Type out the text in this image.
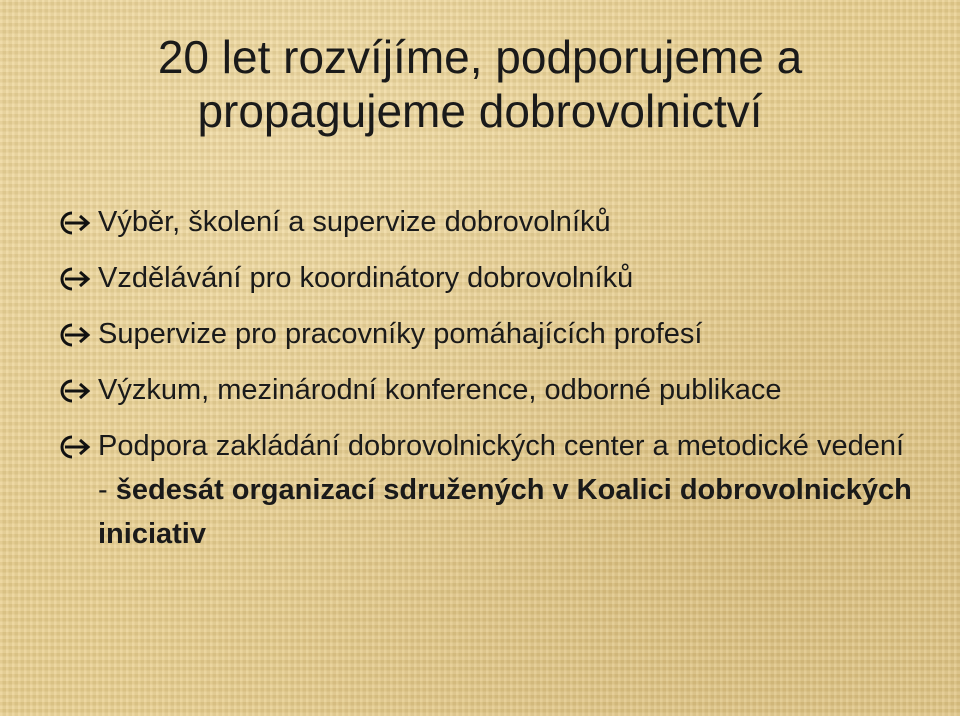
20 let rozvíjíme, podporujeme a
propagujeme dobrovolnictví
Výběr, školení a supervize dobrovolníků
Vzdělávání pro koordinátory dobrovolníků
Supervize pro pracovníky pomáhajících profesí
Výzkum, mezinárodní konference, odborné publikace
Podpora zakládání dobrovolnických center a metodické vedení - šedesát organizací sdružených v Koalici dobrovolnických iniciativ
